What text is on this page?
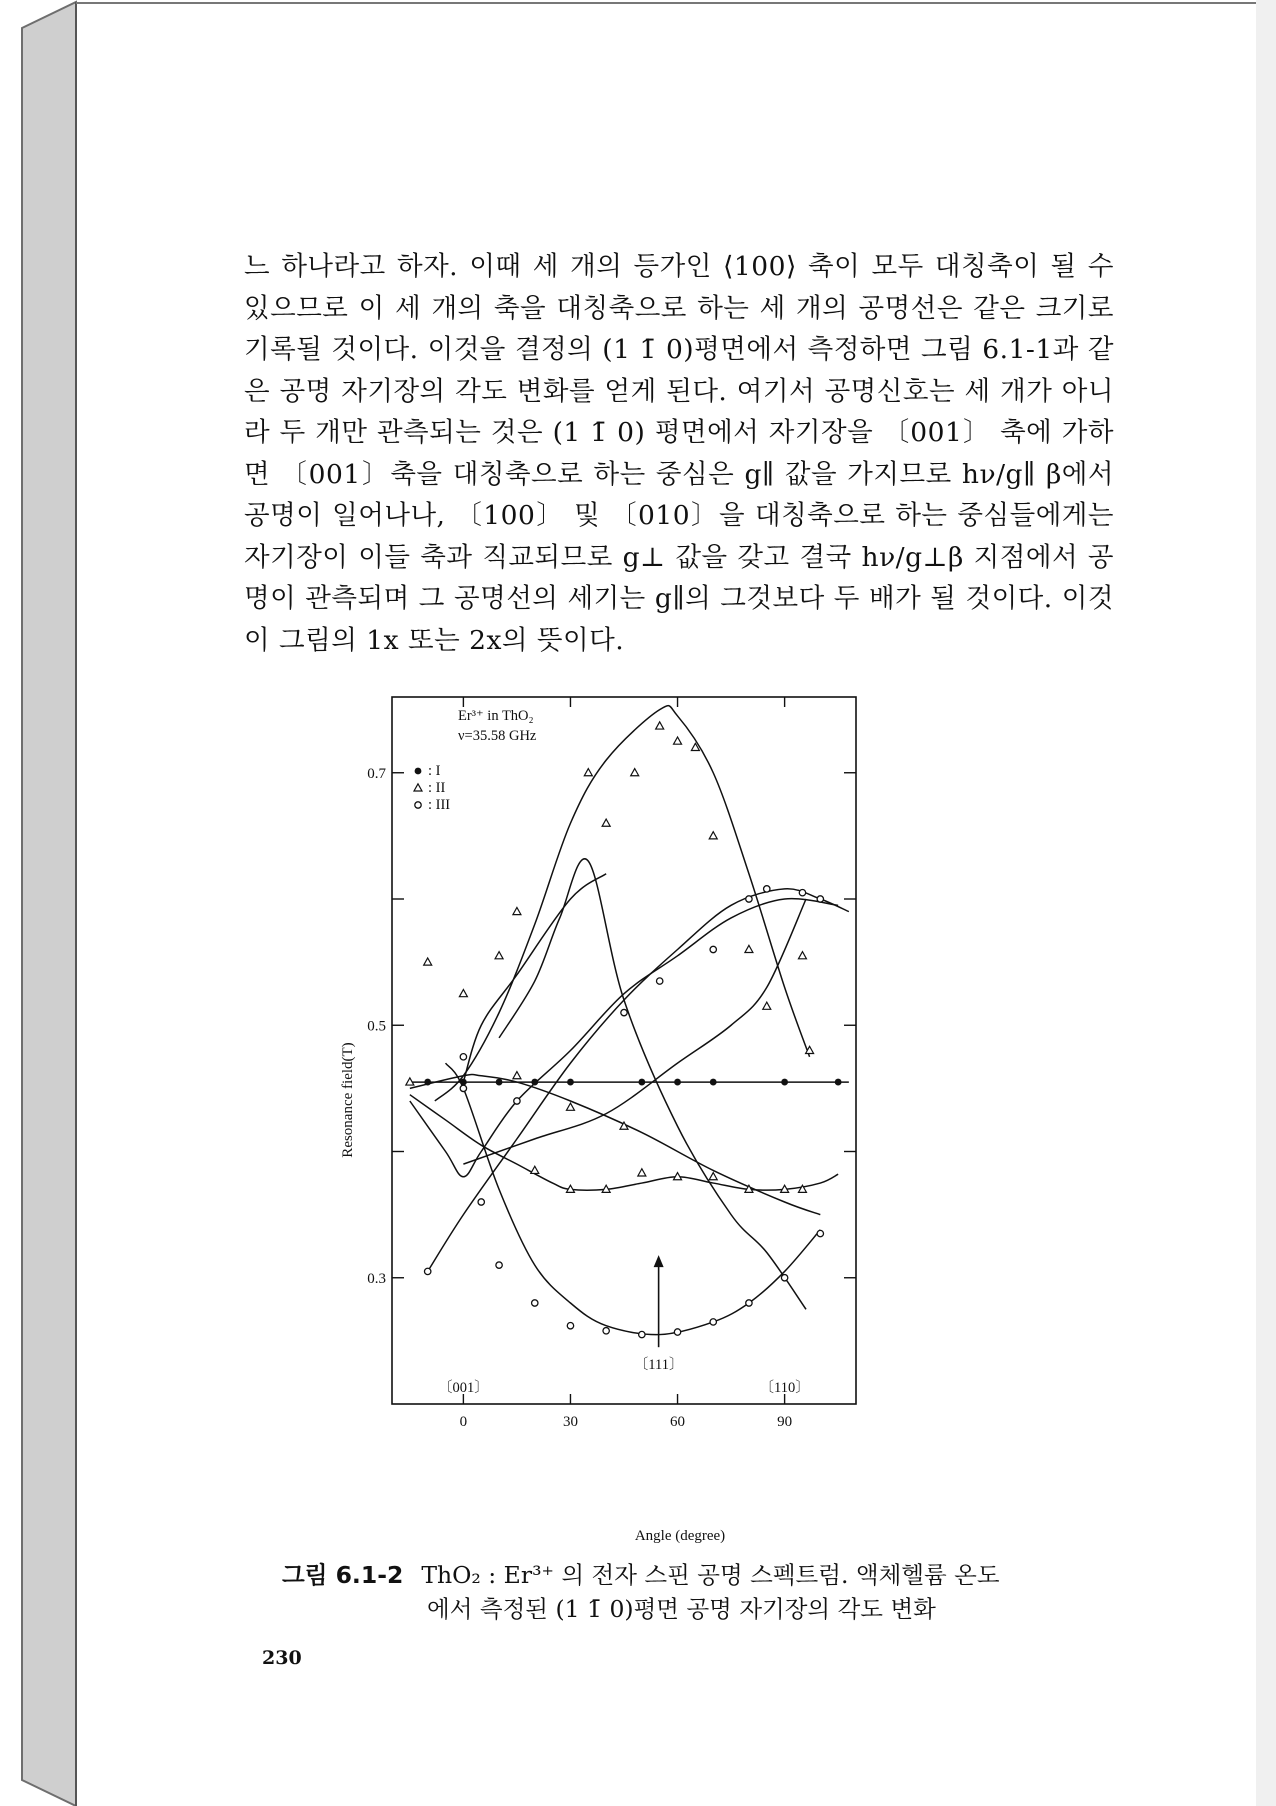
느 하나라고 하자. 이때 세 개의 등가인 ⟨100⟩ 축이 모두 대칭축이 될 수 있으므로 이 세 개의 축을 대칭축으로 하는 세 개의 공명선은 같은 크기로 기록될 것이다. 이것을 결정의 (1 1̄ 0)평면에서 측정하면 그림 6.1-1과 같은 공명 자기장의 각도 변화를 얻게 된다. 여기서 공명신호는 세 개가 아니라 두 개만 관측되는 것은 (1 1̄ 0) 평면에서 자기장을 〔001〕 축에 가하면 〔001〕축을 대칭축으로 하는 중심은 g∥ 값을 가지므로 hν/g∥ β에서 공명이 일어나나, 〔100〕 및 〔010〕을 대칭축으로 하는 중심들에게는 자기장이 이들 축과 직교되므로 g⊥ 값을 갖고 결국 hν/g⊥β 지점에서 공명이 관측되며 그 공명선의 세기는 g∥의 그것보다 두 배가 될 것이다. 이것이 그림의 1x 또는 2x의 뜻이다.

0	30	60	90
0.7
0.5
0.3
: I
: II
: III
〔001〕	〔110〕
〔111〕
Resonance field(T)
Angle (degree)
Er³⁺ in ThO₂
ν=35.58 GHz
그림 6.1-2 ThO₂ : Er³⁺ 의 전자 스핀 공명 스펙트럼. 액체헬륨 온도
에서 측정된 (1 1̄ 0)평면 공명 자기장의 각도 변화
230
